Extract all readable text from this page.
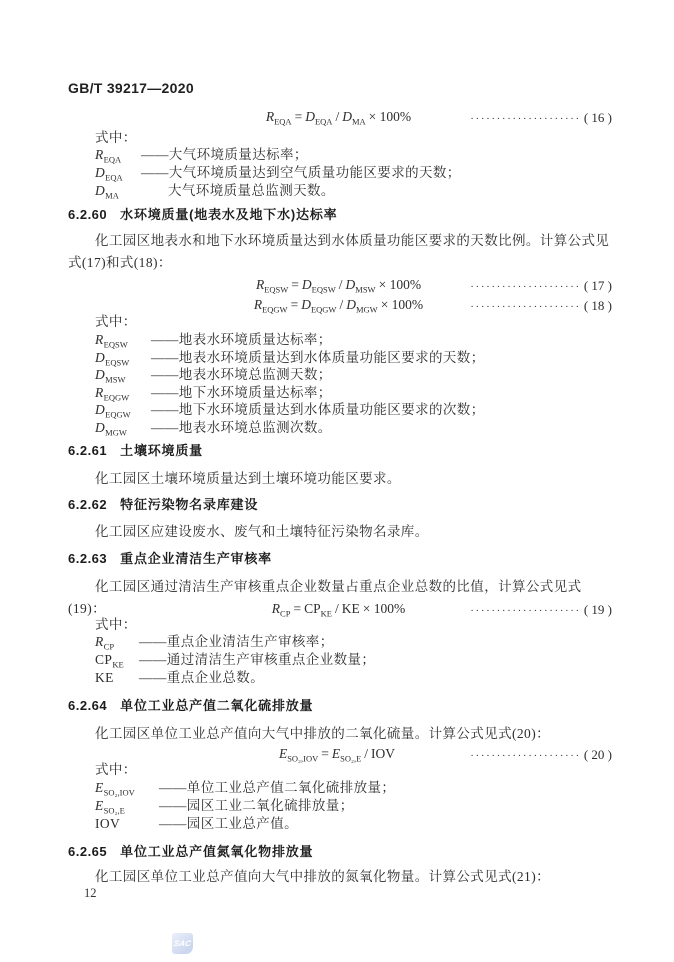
GB/T 39217—2020
$R_{EQA} = D_{EQA} / D_{MA} \times 100\%$	····················· ( 16 )
式中：
$R_{EQA}$ ——大气环境质量达标率；
$D_{EQA}$ ——大气环境质量达到空气质量功能区要求的天数；
$D_{MA}$	大气环境质量总监测天数。
6.2.60 水环境质量(地表水及地下水)达标率
化工园区地表水和地下水环境质量达到水体质量功能区要求的天数比例。计算公式见式(17)和式(18)：
$R_{EQSW} = D_{EQSW} / D_{MSW} \times 100\%$	····················· ( 17 )
$R_{EQGW} = D_{EQGW} / D_{MGW} \times 100\%$	····················· ( 18 )
式中：
$R_{EQSW}$ ——地表水环境质量达标率；
$D_{EQSW}$ ——地表水环境质量达到水体质量功能区要求的天数；
$D_{MSW}$ ——地表水环境总监测天数；
$R_{EQGW}$ ——地下水环境质量达标率；
$D_{EQGW}$ ——地下水环境质量达到水体质量功能区要求的次数；
$D_{MGW}$ ——地表水环境总监测次数。
6.2.61 土壤环境质量
化工园区土壤环境质量达到土壤环境功能区要求。
6.2.62 特征污染物名录库建设
化工园区应建设废水、废气和土壤特征污染物名录库。
6.2.63 重点企业清洁生产审核率
化工园区通过清洁生产审核重点企业数量占重点企业总数的比值，计算公式见式(19)：	$R_{CP} = CP_{KE}$ / KE × 100%	····················· ( 19 )
式中：
$R_{CP}$ ——重点企业清洁生产审核率；
$CP_{KE}$ ——通过清洁生产审核重点企业数量；
KE ——重点企业总数。
6.2.64 单位工业总产值二氧化硫排放量
化工园区单位工业总产值向大气中排放的二氧化硫量。计算公式见式(20)：
$E_{SO_2,IOV} = E_{SO_2,E}$ / IOV	····················· ( 20 )
式中：
$E_{SO_2,IOV}$ ——单位工业总产值二氧化硫排放量；
$E_{SO_2,E}$	——园区工业二氧化硫排放量；
IOV	——园区工业总产值。
6.2.65 单位工业总产值氮氧化物排放量
化工园区单位工业总产值向大气中排放的氮氧化物量。计算公式见式(21)：
12
SAC
